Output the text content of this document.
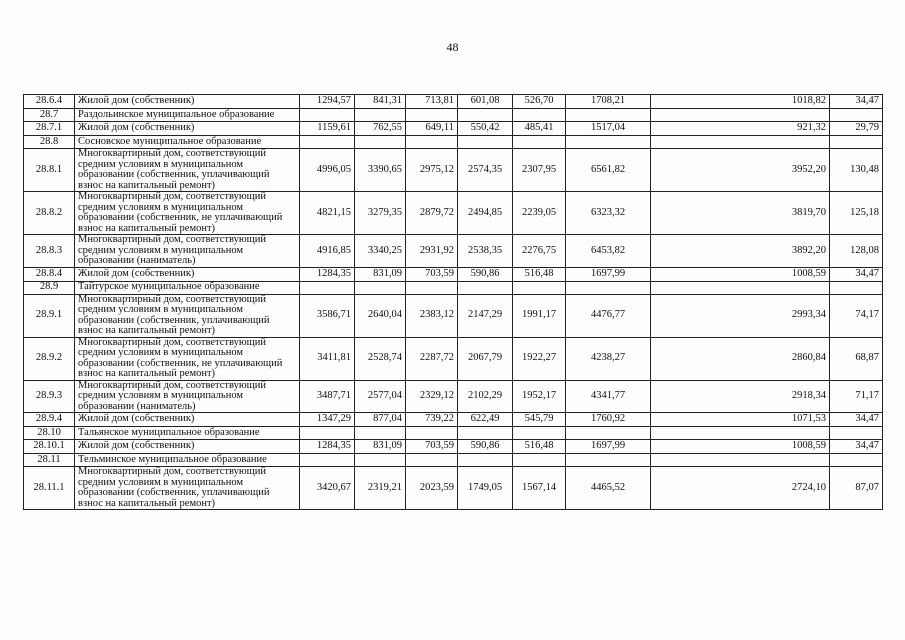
48
28.6.4	Жилой дом (собственник)	1294,57	841,31	713,81	601,08	526,70	1708,21	1018,82	34,47
28.7	Раздольинское муниципальное образование								
28.7.1	Жилой дом (собственник)	1159,61	762,55	649,11	550,42	485,41	1517,04	921,32	29,79
28.8	Сосновское муниципальное образование								
28.8.1	Многоквартирный дом, соответствующий средним условиям в муниципальном образовании (собственник, уплачивающий взнос на капитальный ремонт)	4996,05	3390,65	2975,12	2574,35	2307,95	6561,82	3952,20	130,48
28.8.2	Многоквартирный дом, соответствующий средним условиям в муниципальном образовании (собственник, не уплачивающий взнос на капитальный ремонт)	4821,15	3279,35	2879,72	2494,85	2239,05	6323,32	3819,70	125,18
28.8.3	Многоквартирный дом, соответствующий средним условиям в муниципальном образовании (наниматель)	4916,85	3340,25	2931,92	2538,35	2276,75	6453,82	3892,20	128,08
28.8.4	Жилой дом (собственник)	1284,35	831,09	703,59	590,86	516,48	1697,99	1008,59	34,47
28.9	Тайтурское муниципальное образование								
28.9.1	Многоквартирный дом, соответствующий средним условиям в муниципальном образовании (собственник, уплачивающий взнос на капитальный ремонт)	3586,71	2640,04	2383,12	2147,29	1991,17	4476,77	2993,34	74,17
28.9.2	Многоквартирный дом, соответствующий средним условиям в муниципальном образовании (собственник, не уплачивающий взнос на капитальный ремонт)	3411,81	2528,74	2287,72	2067,79	1922,27	4238,27	2860,84	68,87
28.9.3	Многоквартирный дом, соответствующий средним условиям в муниципальном образовании (наниматель)	3487,71	2577,04	2329,12	2102,29	1952,17	4341,77	2918,34	71,17
28.9.4	Жилой дом (собственник)	1347,29	877,04	739,22	622,49	545,79	1760,92	1071,53	34,47
28.10	Тальянское муниципальное образование								
28.10.1	Жилой дом (собственник)	1284,35	831,09	703,59	590,86	516,48	1697,99	1008,59	34,47
28.11	Тельминское муниципальное образование								
28.11.1	Многоквартирный дом, соответствующий средним условиям в муниципальном образовании (собственник, уплачивающий взнос на капитальный ремонт)	3420,67	2319,21	2023,59	1749,05	1567,14	4465,52	2724,10	87,07
